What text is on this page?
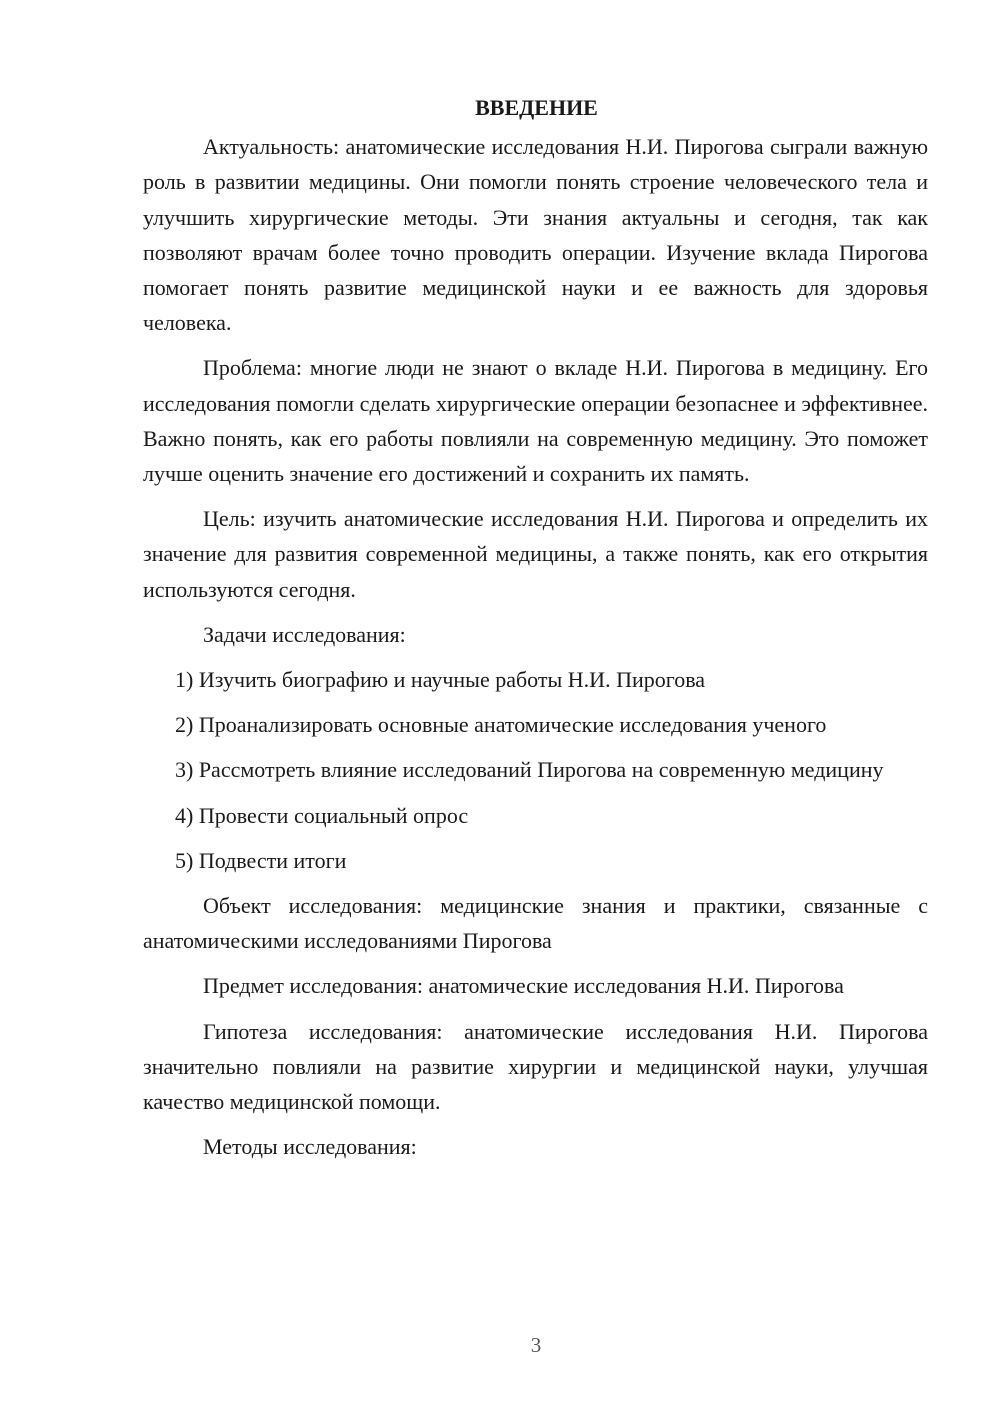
ВВЕДЕНИЕ

Актуальность: анатомические исследования Н.И. Пирогова сыграли важную роль в развитии медицины. Они помогли понять строение человеческого тела и улучшить хирургические методы. Эти знания актуальны и сегодня, так как позволяют врачам более точно проводить операции. Изучение вклада Пирогова помогает понять развитие медицинской науки и ее важность для здоровья человека.

Проблема: многие люди не знают о вкладе Н.И. Пирогова в медицину. Его исследования помогли сделать хирургические операции безопаснее и эффективнее. Важно понять, как его работы повлияли на современную медицину. Это поможет лучше оценить значение его достижений и сохранить их память.

Цель: изучить анатомические исследования Н.И. Пирогова и определить их значение для развития современной медицины, а также понять, как его открытия используются сегодня.

Задачи исследования:

1) Изучить биографию и научные работы Н.И. Пирогова

2) Проанализировать основные анатомические исследования ученого

3) Рассмотреть влияние исследований Пирогова на современную медицину

4) Провести социальный опрос

5) Подвести итоги

Объект исследования: медицинские знания и практики, связанные с анатомическими исследованиями Пирогова

Предмет исследования: анатомические исследования Н.И. Пирогова

Гипотеза исследования: анатомические исследования Н.И. Пирогова значительно повлияли на развитие хирургии и медицинской науки, улучшая качество медицинской помощи.

Методы исследования:

3
